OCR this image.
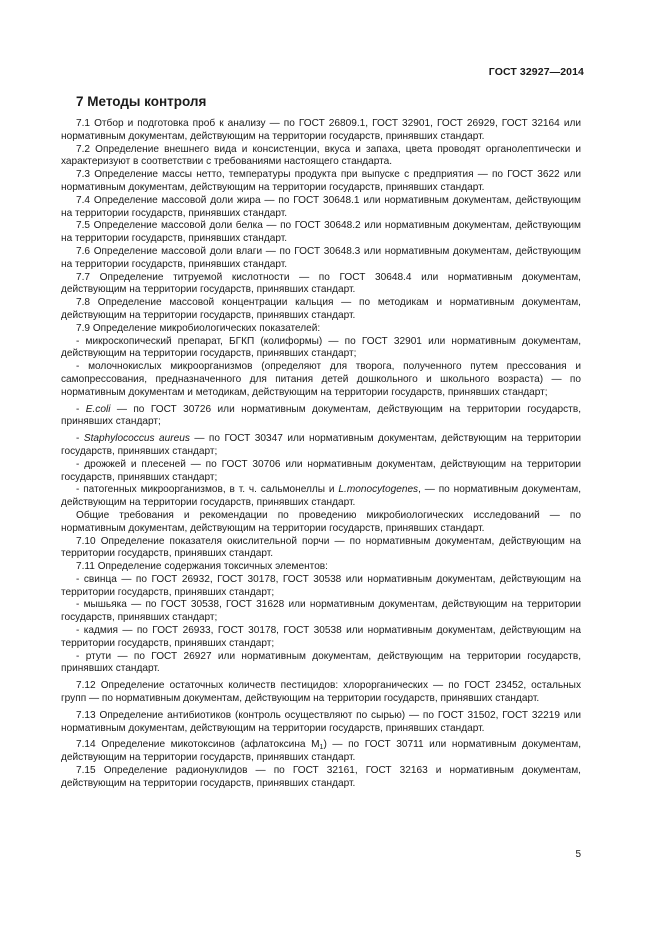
ГОСТ 32927—2014
7 Методы контроля

7.1 Отбор и подготовка проб к анализу — по ГОСТ 26809.1, ГОСТ 32901, ГОСТ 26929, ГОСТ 32164 или нормативным документам, действующим на территории государств, принявших стандарт.

7.2 Определение внешнего вида и консистенции, вкуса и запаха, цвета проводят органолептически и характеризуют в соответствии с требованиями настоящего стандарта.

7.3 Определение массы нетто, температуры продукта при выпуске с предприятия — по ГОСТ 3622 или нормативным документам, действующим на территории государств, принявших стандарт.

7.4 Определение массовой доли жира — по ГОСТ 30648.1 или нормативным документам, действующим на территории государств, принявших стандарт.

7.5 Определение массовой доли белка — по ГОСТ 30648.2 или нормативным документам, действующим на территории государств, принявших стандарт.

7.6 Определение массовой доли влаги — по ГОСТ 30648.3 или нормативным документам, действующим на территории государств, принявших стандарт.

7.7 Определение титруемой кислотности — по ГОСТ 30648.4 или нормативным документам, действующим на территории государств, принявших стандарт.

7.8 Определение массовой концентрации кальция — по методикам и нормативным документам, действующим на территории государств, принявших стандарт.

7.9 Определение микробиологических показателей:

- микроскопический препарат, БГКП (колиформы) — по ГОСТ 32901 или нормативным документам, действующим на территории государств, принявших стандарт;

- молочнокислых микроорганизмов (определяют для творога, полученного путем прессования и самопрессования, предназначенного для питания детей дошкольного и школьного возраста) — по нормативным документам и методикам, действующим на территории государств, принявших стандарт;

- E.coli — по ГОСТ 30726 или нормативным документам, действующим на территории государств, принявших стандарт;

- Staphylococcus aureus — по ГОСТ 30347 или нормативным документам, действующим на территории государств, принявших стандарт;

- дрожжей и плесеней — по ГОСТ 30706 или нормативным документам, действующим на территории государств, принявших стандарт;

- патогенных микроорганизмов, в т. ч. сальмонеллы и L.monocytogenes, — по нормативным документам, действующим на территории государств, принявших стандарт.

Общие требования и рекомендации по проведению микробиологических исследований — по нормативным документам, действующим на территории государств, принявших стандарт.

7.10 Определение показателя окислительной порчи — по нормативным документам, действующим на территории государств, принявших стандарт.

7.11 Определение содержания токсичных элементов:

- свинца — по ГОСТ 26932, ГОСТ 30178, ГОСТ 30538 или нормативным документам, действующим на территории государств, принявших стандарт;

- мышьяка — по ГОСТ 30538, ГОСТ 31628 или нормативным документам, действующим на территории государств, принявших стандарт;

- кадмия — по ГОСТ 26933, ГОСТ 30178, ГОСТ 30538 или нормативным документам, действующим на территории государств, принявших стандарт;

- ртути — по ГОСТ 26927 или нормативным документам, действующим на территории государств, принявших стандарт.

7.12 Определение остаточных количеств пестицидов: хлорорганических — по ГОСТ 23452, остальных групп — по нормативным документам, действующим на территории государств, принявших стандарт.

7.13 Определение антибиотиков (контроль осуществляют по сырью) — по ГОСТ 31502, ГОСТ 32219 или нормативным документам, действующим на территории государств, принявших стандарт.

7.14 Определение микотоксинов (афлатоксина $M_1$) — по ГОСТ 30711 или нормативным документам, действующим на территории государств, принявших стандарт.

7.15 Определение радионуклидов — по ГОСТ 32161, ГОСТ 32163 и нормативным документам, действующим на территории государств, принявших стандарт.

5
